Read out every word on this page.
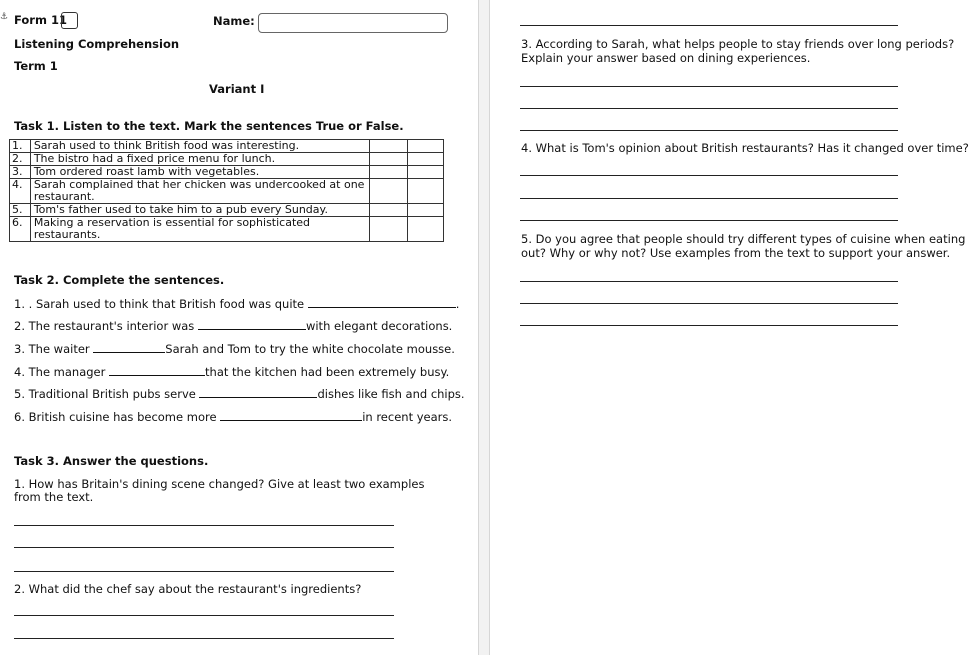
⚓ Form 11	Name:
Listening Comprehension
Term 1
Variant I
Task 1. Listen to the text. Mark the sentences True or False.
1.	Sarah used to think British food was interesting.		
2.	The bistro had a fixed price menu for lunch.		
3.	Tom ordered roast lamb with vegetables.		
4.	Sarah complained that her chicken was undercooked at one restaurant.		
5.	Tom's father used to take him to a pub every Sunday.		
6.	Making a reservation is essential for sophisticated restaurants.		
Task 2. Complete the sentences.
1. . Sarah used to think that British food was quite	.
2. The restaurant's interior was	with elegant decorations.
3. The waiter	Sarah and Tom to try the white chocolate mousse.
4. The manager	that the kitchen had been extremely busy.
5. Traditional British pubs serve	dishes like fish and chips.
6. British cuisine has become more	in recent years.
Task 3. Answer the questions.
1. How has Britain's dining scene changed? Give at least two examples from the text.
2. What did the chef say about the restaurant's ingredients?
3. According to Sarah, what helps people to stay friends over long periods?
Explain your answer based on dining experiences.
4. What is Tom's opinion about British restaurants? Has it changed over time?
5. Do you agree that people should try different types of cuisine when eating
out? Why or why not? Use examples from the text to support your answer.
